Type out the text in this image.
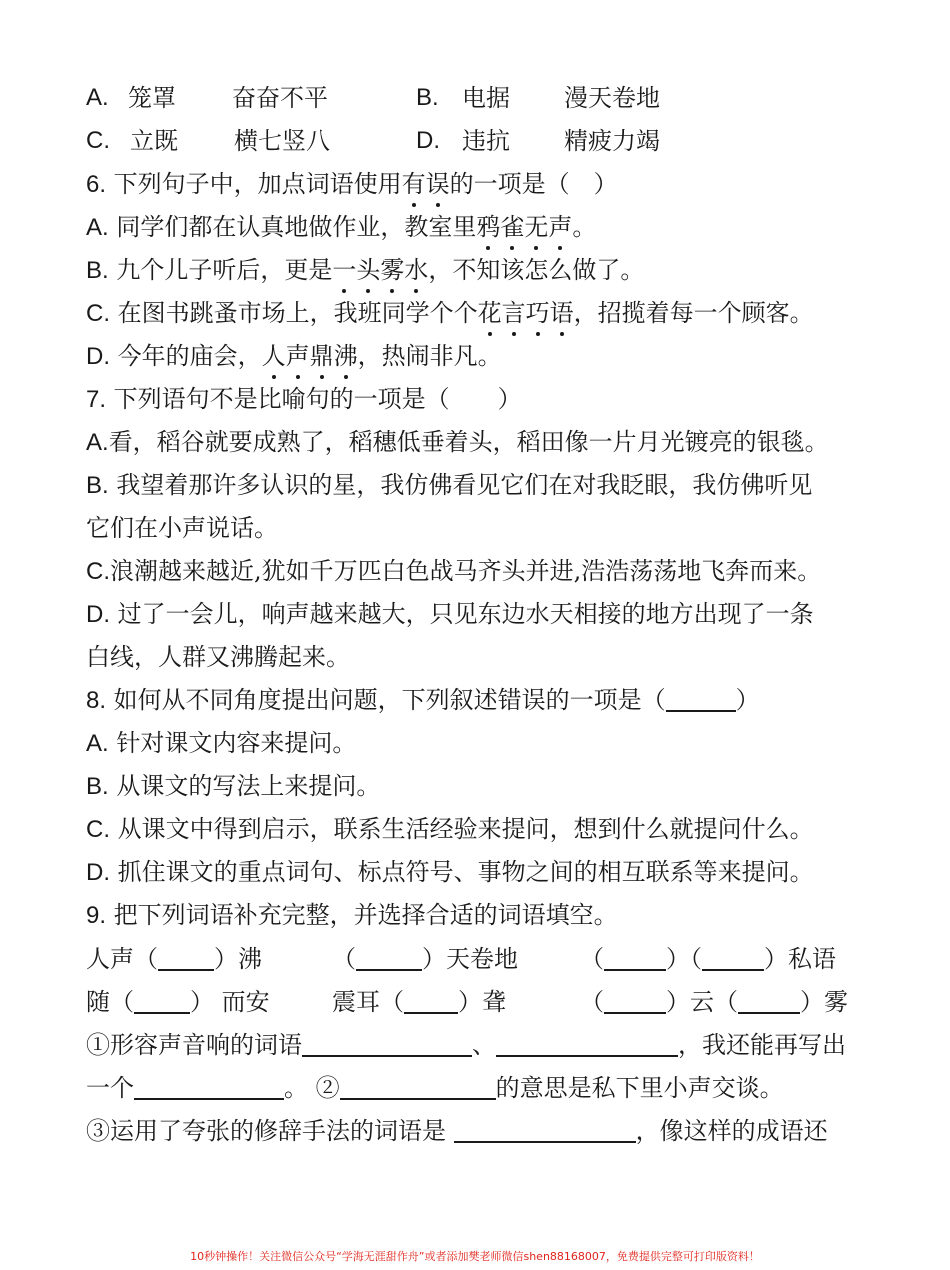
A. 笼罩 奋奋不平	B. 电据 漫天卷地
C. 立既 横七竖八	D. 违抗 精疲力竭
6. 下列句子中，加点词语使用有误的一项是（　）
A. 同学们都在认真地做作业，教室里鸦雀无声。
B. 九个儿子听后，更是一头雾水，不知该怎么做了。
C. 在图书跳蚤市场上，我班同学个个花言巧语，招揽着每一个顾客。
D. 今年的庙会，人声鼎沸，热闹非凡。
7. 下列语句不是比喻句的一项是（　　）
A.看，稻谷就要成熟了，稻穗低垂着头，稻田像一片月光镀亮的银毯。
B. 我望着那许多认识的星，我仿佛看见它们在对我眨眼，我仿佛听见
它们在小声说话。
C.浪潮越来越近,犹如千万匹白色战马齐头并进,浩浩荡荡地飞奔而来。
D. 过了一会儿，响声越来越大，只见东边水天相接的地方出现了一条
白线，人群又沸腾起来。
8. 如何从不同角度提出问题，下列叙述错误的一项是（	）
A. 针对课文内容来提问。
B. 从课文的写法上来提问。
C. 从课文中得到启示，联系生活经验来提问，想到什么就提问什么。
D. 抓住课文的重点词句、标点符号、事物之间的相互联系等来提问。
9. 把下列词语补充完整，并选择合适的词语填空。
人声（ ）沸	（	）天卷地	（	）（	）私语
随（ ） 而安	震耳（ ）聋	（	）云（	）雾
①形容声音响的词语	、	，我还能再写出
一个	。 ②	的意思是私下里小声交谈。
③运用了夸张的修辞手法的词语是	，像这样的成语还
10秒钟操作！关注微信公众号“学海无涯甜作舟”或者添加樊老师微信shen88168007，免费提供完整可打印版资料！
